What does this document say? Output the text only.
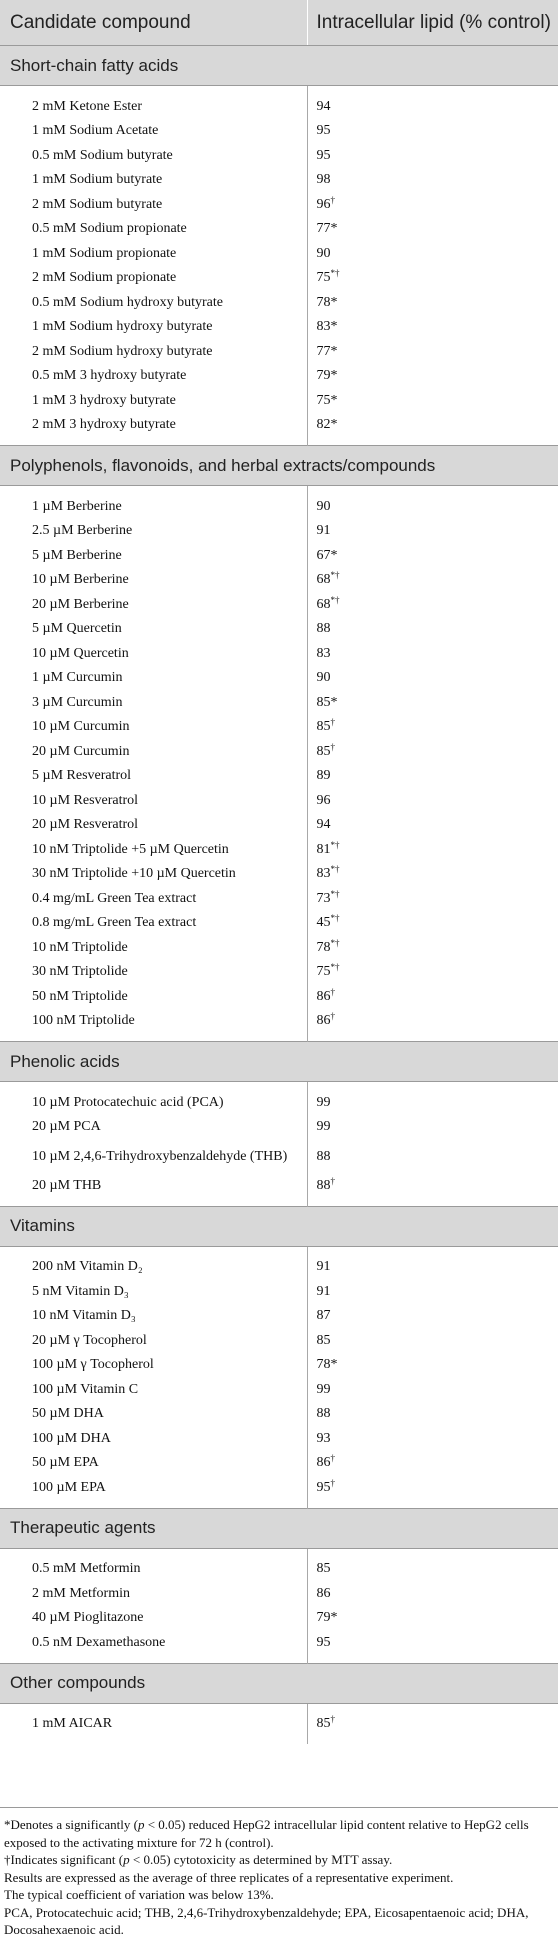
Candidate compound	Intracellular lipid (% control)
Short-chain fatty acids	
2 mM Ketone Ester	94
1 mM Sodium Acetate	95
0.5 mM Sodium butyrate	95
1 mM Sodium butyrate	98
2 mM Sodium butyrate	96†
0.5 mM Sodium propionate	77*
1 mM Sodium propionate	90
2 mM Sodium propionate	75*†
0.5 mM Sodium hydroxy butyrate	78*
1 mM Sodium hydroxy butyrate	83*
2 mM Sodium hydroxy butyrate	77*
0.5 mM 3 hydroxy butyrate	79*
1 mM 3 hydroxy butyrate	75*
2 mM 3 hydroxy butyrate	82*
Polyphenols, flavonoids, and herbal extracts/compounds	
1 µM Berberine	90
2.5 µM Berberine	91
5 µM Berberine	67*
10 µM Berberine	68*†
20 µM Berberine	68*†
5 µM Quercetin	88
10 µM Quercetin	83
1 µM Curcumin	90
3 µM Curcumin	85*
10 µM Curcumin	85†
20 µM Curcumin	85†
5 µM Resveratrol	89
10 µM Resveratrol	96
20 µM Resveratrol	94
10 nM Triptolide +5 µM Quercetin	81*†
30 nM Triptolide +10 µM Quercetin	83*†
0.4 mg/mL Green Tea extract	73*†
0.8 mg/mL Green Tea extract	45*†
10 nM Triptolide	78*†
30 nM Triptolide	75*†
50 nM Triptolide	86†
100 nM Triptolide	86†
Phenolic acids	
10 µM Protocatechuic acid (PCA)	99
20 µM PCA	99
10 µM 2,4,6-Trihydroxybenzaldehyde (THB)	88
20 µM THB	88†
Vitamins	
200 nM Vitamin D₂	91
5 nM Vitamin D₃	91
10 nM Vitamin D₃	87
20 µM γ Tocopherol	85
100 µM γ Tocopherol	78*
100 µM Vitamin C	99
50 µM DHA	88
100 µM DHA	93
50 µM EPA	86†
100 µM EPA	95†
Therapeutic agents	
0.5 mM Metformin	85
2 mM Metformin	86
40 µM Pioglitazone	79*
0.5 nM Dexamethasone	95
Other compounds	
1 mM AICAR	85†

*Denotes a significantly (p < 0.05) reduced HepG2 intracellular lipid content relative to HepG2 cells exposed to the activating mixture for 72 h (control).

†Indicates significant (p < 0.05) cytotoxicity as determined by MTT assay.

Results are expressed as the average of three replicates of a representative experiment.

The typical coefficient of variation was below 13%.

PCA, Protocatechuic acid; THB, 2,4,6-Trihydroxybenzaldehyde; EPA, Eicosapentaenoic acid; DHA, Docosahexaenoic acid.
